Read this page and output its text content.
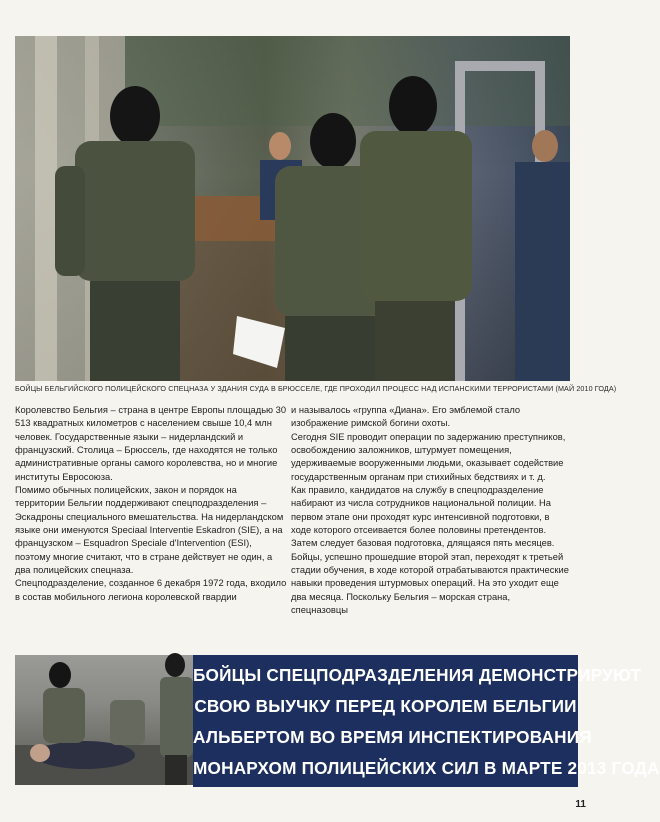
БОЙЦЫ БЕЛЬГИЙСКОГО ПОЛИЦЕЙСКОГО СПЕЦНАЗА У ЗДАНИЯ СУДА В БРЮССЕЛЕ, ГДЕ ПРОХОДИЛ ПРОЦЕСС НАД ИСПАНСКИМИ ТЕРРОРИСТАМИ (МАЙ 2010 ГОДА)

Королевство Бельгия – страна в центре Европы площадью 30 513 квадратных километров с населением свыше 10,4 млн человек. Государственные языки – нидерландский и французский. Столица – Брюссель, где находятся не только административные органы самого королевства, но и многие институты Евросоюза.

Помимо обычных полицейских, закон и порядок на территории Бельгии поддерживают спецподразделения – Эскадроны специального вмешательства. На нидерландском языке они именуются Speciaal Interventie Eskadron (SIE), а на французском – Esquadron Speciale d'Intervention (ESI), поэтому многие считают, что в стране действует не один, а два полицейских спецназа.

Спецподразделение, созданное 6 декабря 1972 года, входило в состав мобильного легиона королевской гвардии

и называлось «группа «Диана». Его эмблемой стало изображение римской богини охоты.

Сегодня SIE проводит операции по задержанию преступников, освобождению заложников, штурмует помещения, удерживаемые вооруженными людьми, оказывает содействие государственным органам при стихийных бедствиях и т. д.

Как правило, кандидатов на службу в спецподразделение набирают из числа сотрудников национальной полиции. На первом этапе они проходят курс интенсивной подготовки, в ходе которого отсеивается более половины претендентов. Затем следует базовая подготовка, длящаяся пять месяцев. Бойцы, успешно прошедшие второй этап, переходят к третьей стадии обучения, в ходе которой отрабатываются практические навыки проведения штурмовых операций. На это уходит еще два месяца. Поскольку Бельгия – морская страна, спецназовцы

БОЙЦЫ СПЕЦПОДРАЗДЕЛЕНИЯ ДЕМОНСТРИРУЮТ
СВОЮ ВЫУЧКУ ПЕРЕД КОРОЛЕМ БЕЛЬГИИ
АЛЬБЕРТОМ ВО ВРЕМЯ ИНСПЕКТИРОВАНИЯ
МОНАРХОМ ПОЛИЦЕЙСКИХ СИЛ В МАРТЕ 2013 ГОДА
11
